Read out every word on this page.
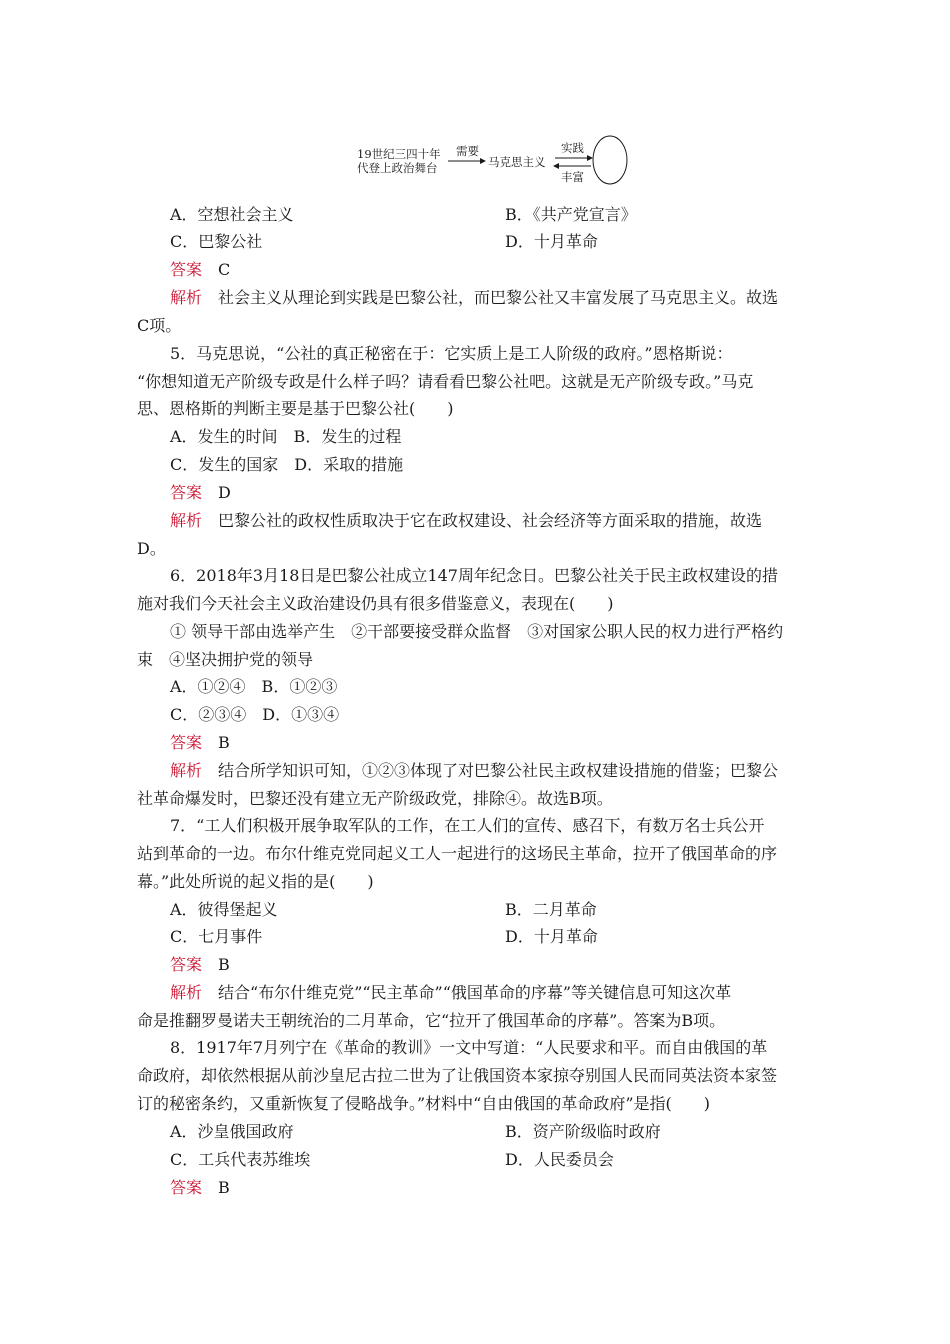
19世纪三四十年
代登上政治舞台
需要
马克思主义
实践
丰富
A．空想社会主义	B．《共产党宣言》
C．巴黎公社	D．十月革命
答案 C
解析 社会主义从理论到实践是巴黎公社，而巴黎公社又丰富发展了马克思主义。故选
C项。
5．马克思说，“公社的真正秘密在于：它实质上是工人阶级的政府。”恩格斯说：
“你想知道无产阶级专政是什么样子吗？请看看巴黎公社吧。这就是无产阶级专政。”马克
思、恩格斯的判断主要是基于巴黎公社(　　)
A．发生的时间　B．发生的过程
C．发生的国家　D．采取的措施
答案 D
解析 巴黎公社的政权性质取决于它在政权建设、社会经济等方面采取的措施，故选
D。
6．2018年3月18日是巴黎公社成立147周年纪念日。巴黎公社关于民主政权建设的措
施对我们今天社会主义政治建设仍具有很多借鉴意义，表现在(　　)
① 领导干部由选举产生　②干部要接受群众监督　③对国家公职人民的权力进行严格约
束　④坚决拥护党的领导
A．①②④　B．①②③
C．②③④　D．①③④
答案 B
解析 结合所学知识可知，①②③体现了对巴黎公社民主政权建设措施的借鉴；巴黎公
社革命爆发时，巴黎还没有建立无产阶级政党，排除④。故选B项。
7．“工人们积极开展争取军队的工作，在工人们的宣传、感召下，有数万名士兵公开
站到革命的一边。布尔什维克党同起义工人一起进行的这场民主革命，拉开了俄国革命的序
幕。”此处所说的起义指的是(　　)
A．彼得堡起义	B．二月革命
C．七月事件	D．十月革命
答案 B
解析 结合“布尔什维克党”“民主革命”“俄国革命的序幕”等关键信息可知这次革
命是推翻罗曼诺夫王朝统治的二月革命，它“拉开了俄国革命的序幕”。答案为B项。
8．1917年7月列宁在《革命的教训》一文中写道：“人民要求和平。而自由俄国的革
命政府，却依然根据从前沙皇尼古拉二世为了让俄国资本家掠夺别国人民而同英法资本家签
订的秘密条约，又重新恢复了侵略战争。”材料中“自由俄国的革命政府”是指(　　)
A．沙皇俄国政府	B．资产阶级临时政府
C．工兵代表苏维埃	D．人民委员会
答案 B
